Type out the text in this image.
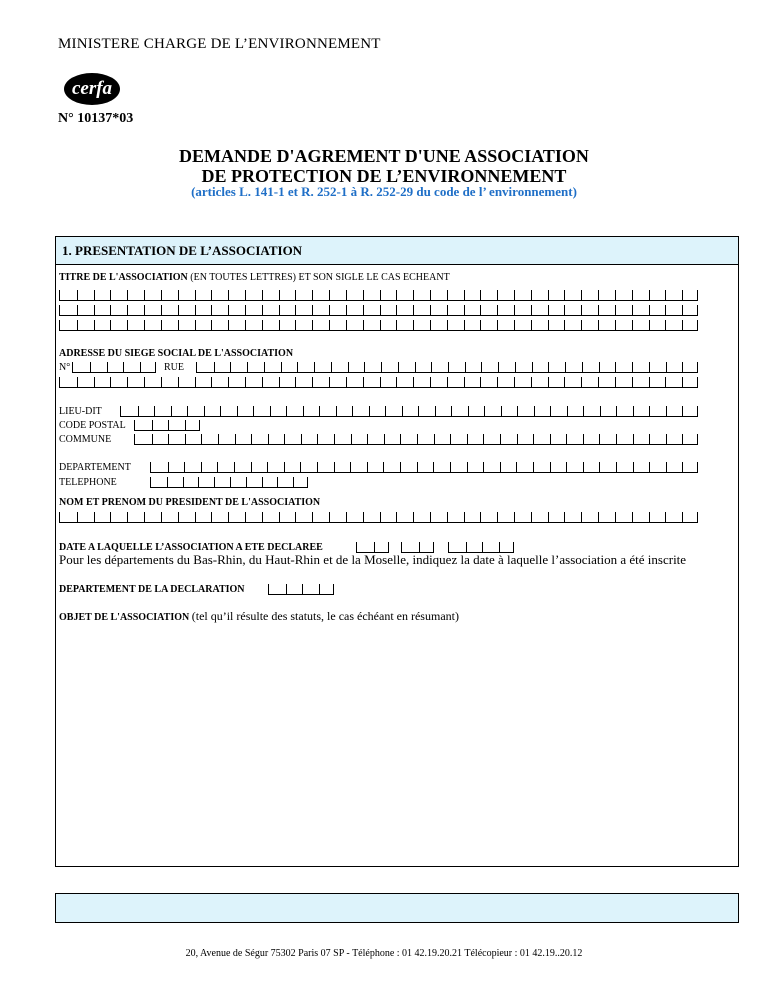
MINISTERE CHARGE DE L’ENVIRONNEMENT
cerfa
N° 10137*03
DEMANDE D'AGREMENT D'UNE ASSOCIATION
DE PROTECTION DE L’ENVIRONNEMENT
(articles L. 141-1 et R. 252-1 à R. 252-29 du code de l’ environnement)
1. PRESENTATION DE L’ASSOCIATION
TITRE DE L'ASSOCIATION (EN TOUTES LETTRES) ET SON SIGLE LE CAS ECHEANT
ADRESSE DU SIEGE SOCIAL DE L'ASSOCIATION
N°	RUE
LIEU-DIT
CODE POSTAL
COMMUNE
DEPARTEMENT
TELEPHONE
NOM ET PRENOM DU PRESIDENT DE L'ASSOCIATION
DATE A LAQUELLE L’ASSOCIATION A ETE DECLAREE
Pour les départements du Bas-Rhin, du Haut-Rhin et de la Moselle, indiquez la date à laquelle l’association a été inscrite
DEPARTEMENT DE LA DECLARATION
OBJET DE L'ASSOCIATION (tel qu’il résulte des statuts, le cas échéant en résumant)
20, Avenue de Ségur 75302 Paris 07 SP - Téléphone : 01 42.19.20.21 Télécopieur : 01 42.19..20.12
